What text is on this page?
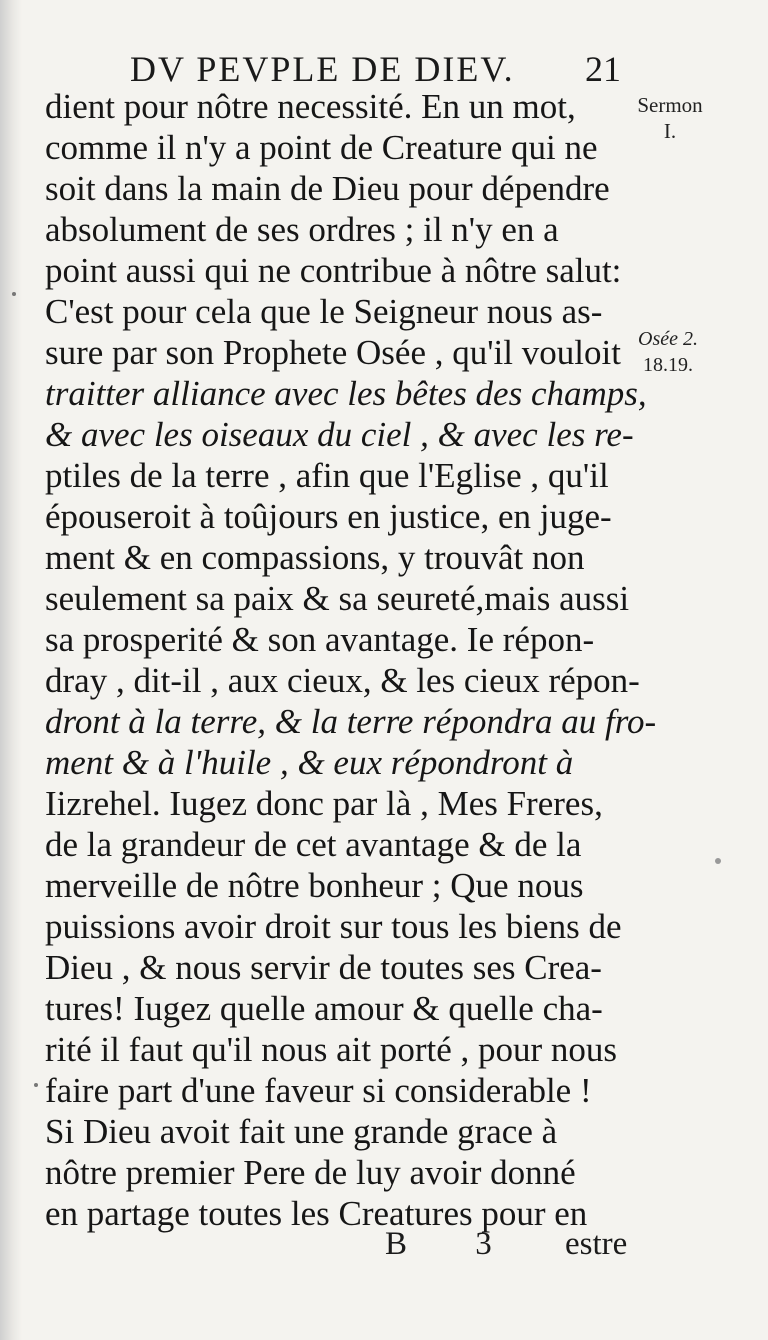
DV PEVPLE DE DIEV. 21
Sermon
I.
Osée 2.
18.19.
dient pour nôtre necessité. En un mot,
comme il n'y a point de Creature qui ne
soit dans la main de Dieu pour dépendre
absolument de ses ordres ; il n'y en a
point aussi qui ne contribue à nôtre salut:
C'est pour cela que le Seigneur nous as-
sure par son Prophete Osée , qu'il vouloit
traitter alliance avec les bêtes des champs,
& avec les oiseaux du ciel , & avec les re-
ptiles de la terre , afin que l'Eglise , qu'il
épouseroit à toûjours en justice, en juge-
ment & en compassions, y trouvât non
seulement sa paix & sa seureté,mais aussi
sa prosperité & son avantage. Ie répon-
dray , dit-il , aux cieux, & les cieux répon-
dront à la terre, & la terre répondra au fro-
ment & à l'huile , & eux répondront à
Iizrehel. Iugez donc par là , Mes Freres,
de la grandeur de cet avantage & de la
merveille de nôtre bonheur ; Que nous
puissions avoir droit sur tous les biens de
Dieu , & nous servir de toutes ses Crea-
tures! Iugez quelle amour & quelle cha-
rité il faut qu'il nous ait porté , pour nous
faire part d'une faveur si considerable !
Si Dieu avoit fait une grande grace à
nôtre premier Pere de luy avoir donné
en partage toutes les Creatures pour en
B 3 estre
